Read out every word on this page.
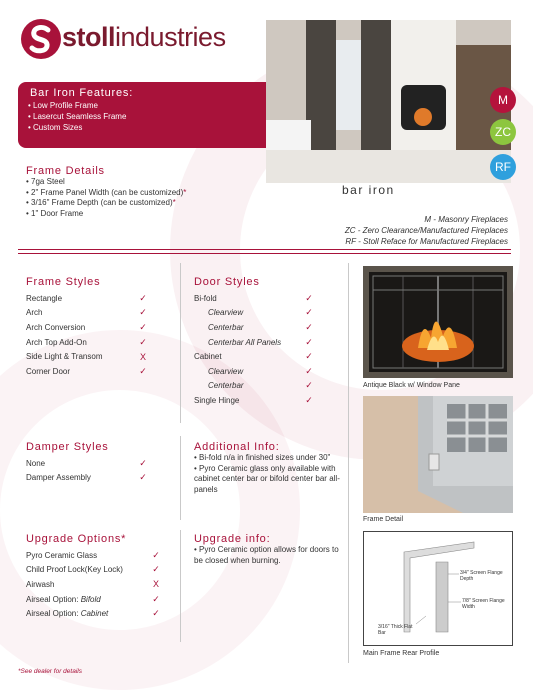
stollindustries
Bar Iron Features:
• Low Profile Frame
• Lasercut Seamless Frame
• Custom Sizes
Frame Details
• 7ga Steel
• 2" Frame Panel Width (can be customized)*
• 3/16" Frame Depth (can be customized)*
• 1" Door Frame
bar iron
M
ZC
RF
M - Masonry Fireplaces
ZC - Zero Clearance/Manufactured Fireplaces
RF - Stoll Reface for Manufactured Fireplaces
Frame Styles
Rectangle	✓
Arch	✓
Arch Conversion	✓
Arch Top Add-On	✓
Side Light & Transom	X
Corner Door	✓
Door Styles
Bi-fold	✓
Clearview	✓
Centerbar	✓
Centerbar All Panels	✓
Cabinet	✓
Clearview	✓
Centerbar	✓
Single Hinge	✓
Damper Styles
None	✓
Damper Assembly	✓
Additional Info:
• Bi-fold n/a in finished sizes under 30"
• Pyro Ceramic glass only available with cabinet center bar or bifold center bar all-panels
Upgrade Options*
Pyro Ceramic Glass	✓
Child Proof Lock(Key Lock)	✓
Airwash	X
Airseal Option: Bifold	✓
Airseal Option: Cabinet	✓
Upgrade info:
• Pyro Ceramic option allows for doors to be closed when burning.
Antique Black w/ Window Pane
Frame Detail
3/4" Screen Flange Depth
7/8" Screen Flange Width
3/16" Thick Flat Bar
Main Frame Rear Profile
*See dealer for details
